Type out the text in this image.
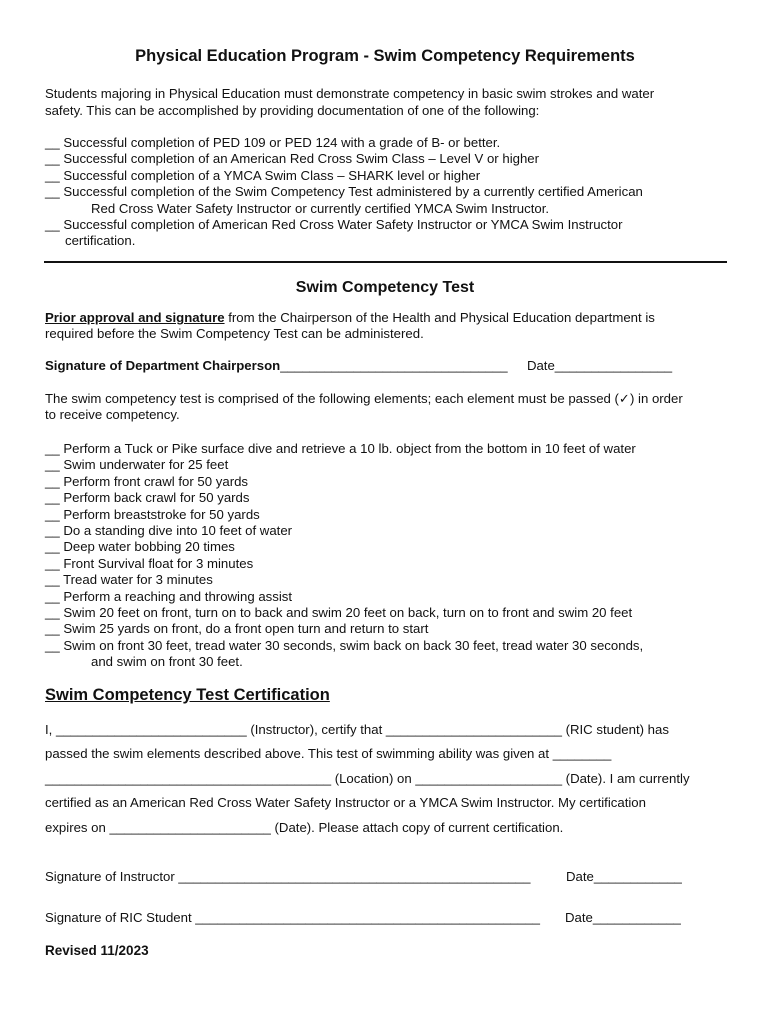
Physical Education Program - Swim Competency Requirements

Students majoring in Physical Education must demonstrate competency in basic swim strokes and water

safety. This can be accomplished by providing documentation of one of the following:

__ Successful completion of PED 109 or PED 124 with a grade of B- or better.
__ Successful completion of an American Red Cross Swim Class – Level V or higher
__ Successful completion of a YMCA Swim Class – SHARK level or higher
__ Successful completion of the Swim Competency Test administered by a currently certified American
Red Cross Water Safety Instructor or currently certified YMCA Swim Instructor.
__ Successful completion of American Red Cross Water Safety Instructor or YMCA Swim Instructor
certification.
Swim Competency Test

Prior approval and signature from the Chairperson of the Health and Physical Education department is

required before the Swim Competency Test can be administered.

Signature of Department Chairperson_______________________________ Date________________

The swim competency test is comprised of the following elements; each element must be passed (✓) in order

to receive competency.

__ Perform a Tuck or Pike surface dive and retrieve a 10 lb. object from the bottom in 10 feet of water
__ Swim underwater for 25 feet
__ Perform front crawl for 50 yards
__ Perform back crawl for 50 yards
__ Perform breaststroke for 50 yards
__ Do a standing dive into 10 feet of water
__ Deep water bobbing 20 times
__ Front Survival float for 3 minutes
__ Tread water for 3 minutes
__ Perform a reaching and throwing assist
__ Swim 20 feet on front, turn on to back and swim 20 feet on back, turn on to front and swim 20 feet
__ Swim 25 yards on front, do a front open turn and return to start
__ Swim on front 30 feet, tread water 30 seconds, swim back on back 30 feet, tread water 30 seconds,
and swim on front 30 feet.
Swim Competency Test Certification

I, __________________________ (Instructor), certify that ________________________ (RIC student) has

passed the swim elements described above. This test of swimming ability was given at ________

_______________________________________ (Location) on ____________________ (Date). I am currently

certified as an American Red Cross Water Safety Instructor or a YMCA Swim Instructor. My certification

expires on ______________________ (Date). Please attach copy of current certification.

Signature of Instructor ________________________________________________	Date____________

Signature of RIC Student _______________________________________________ Date____________

Revised 11/2023
